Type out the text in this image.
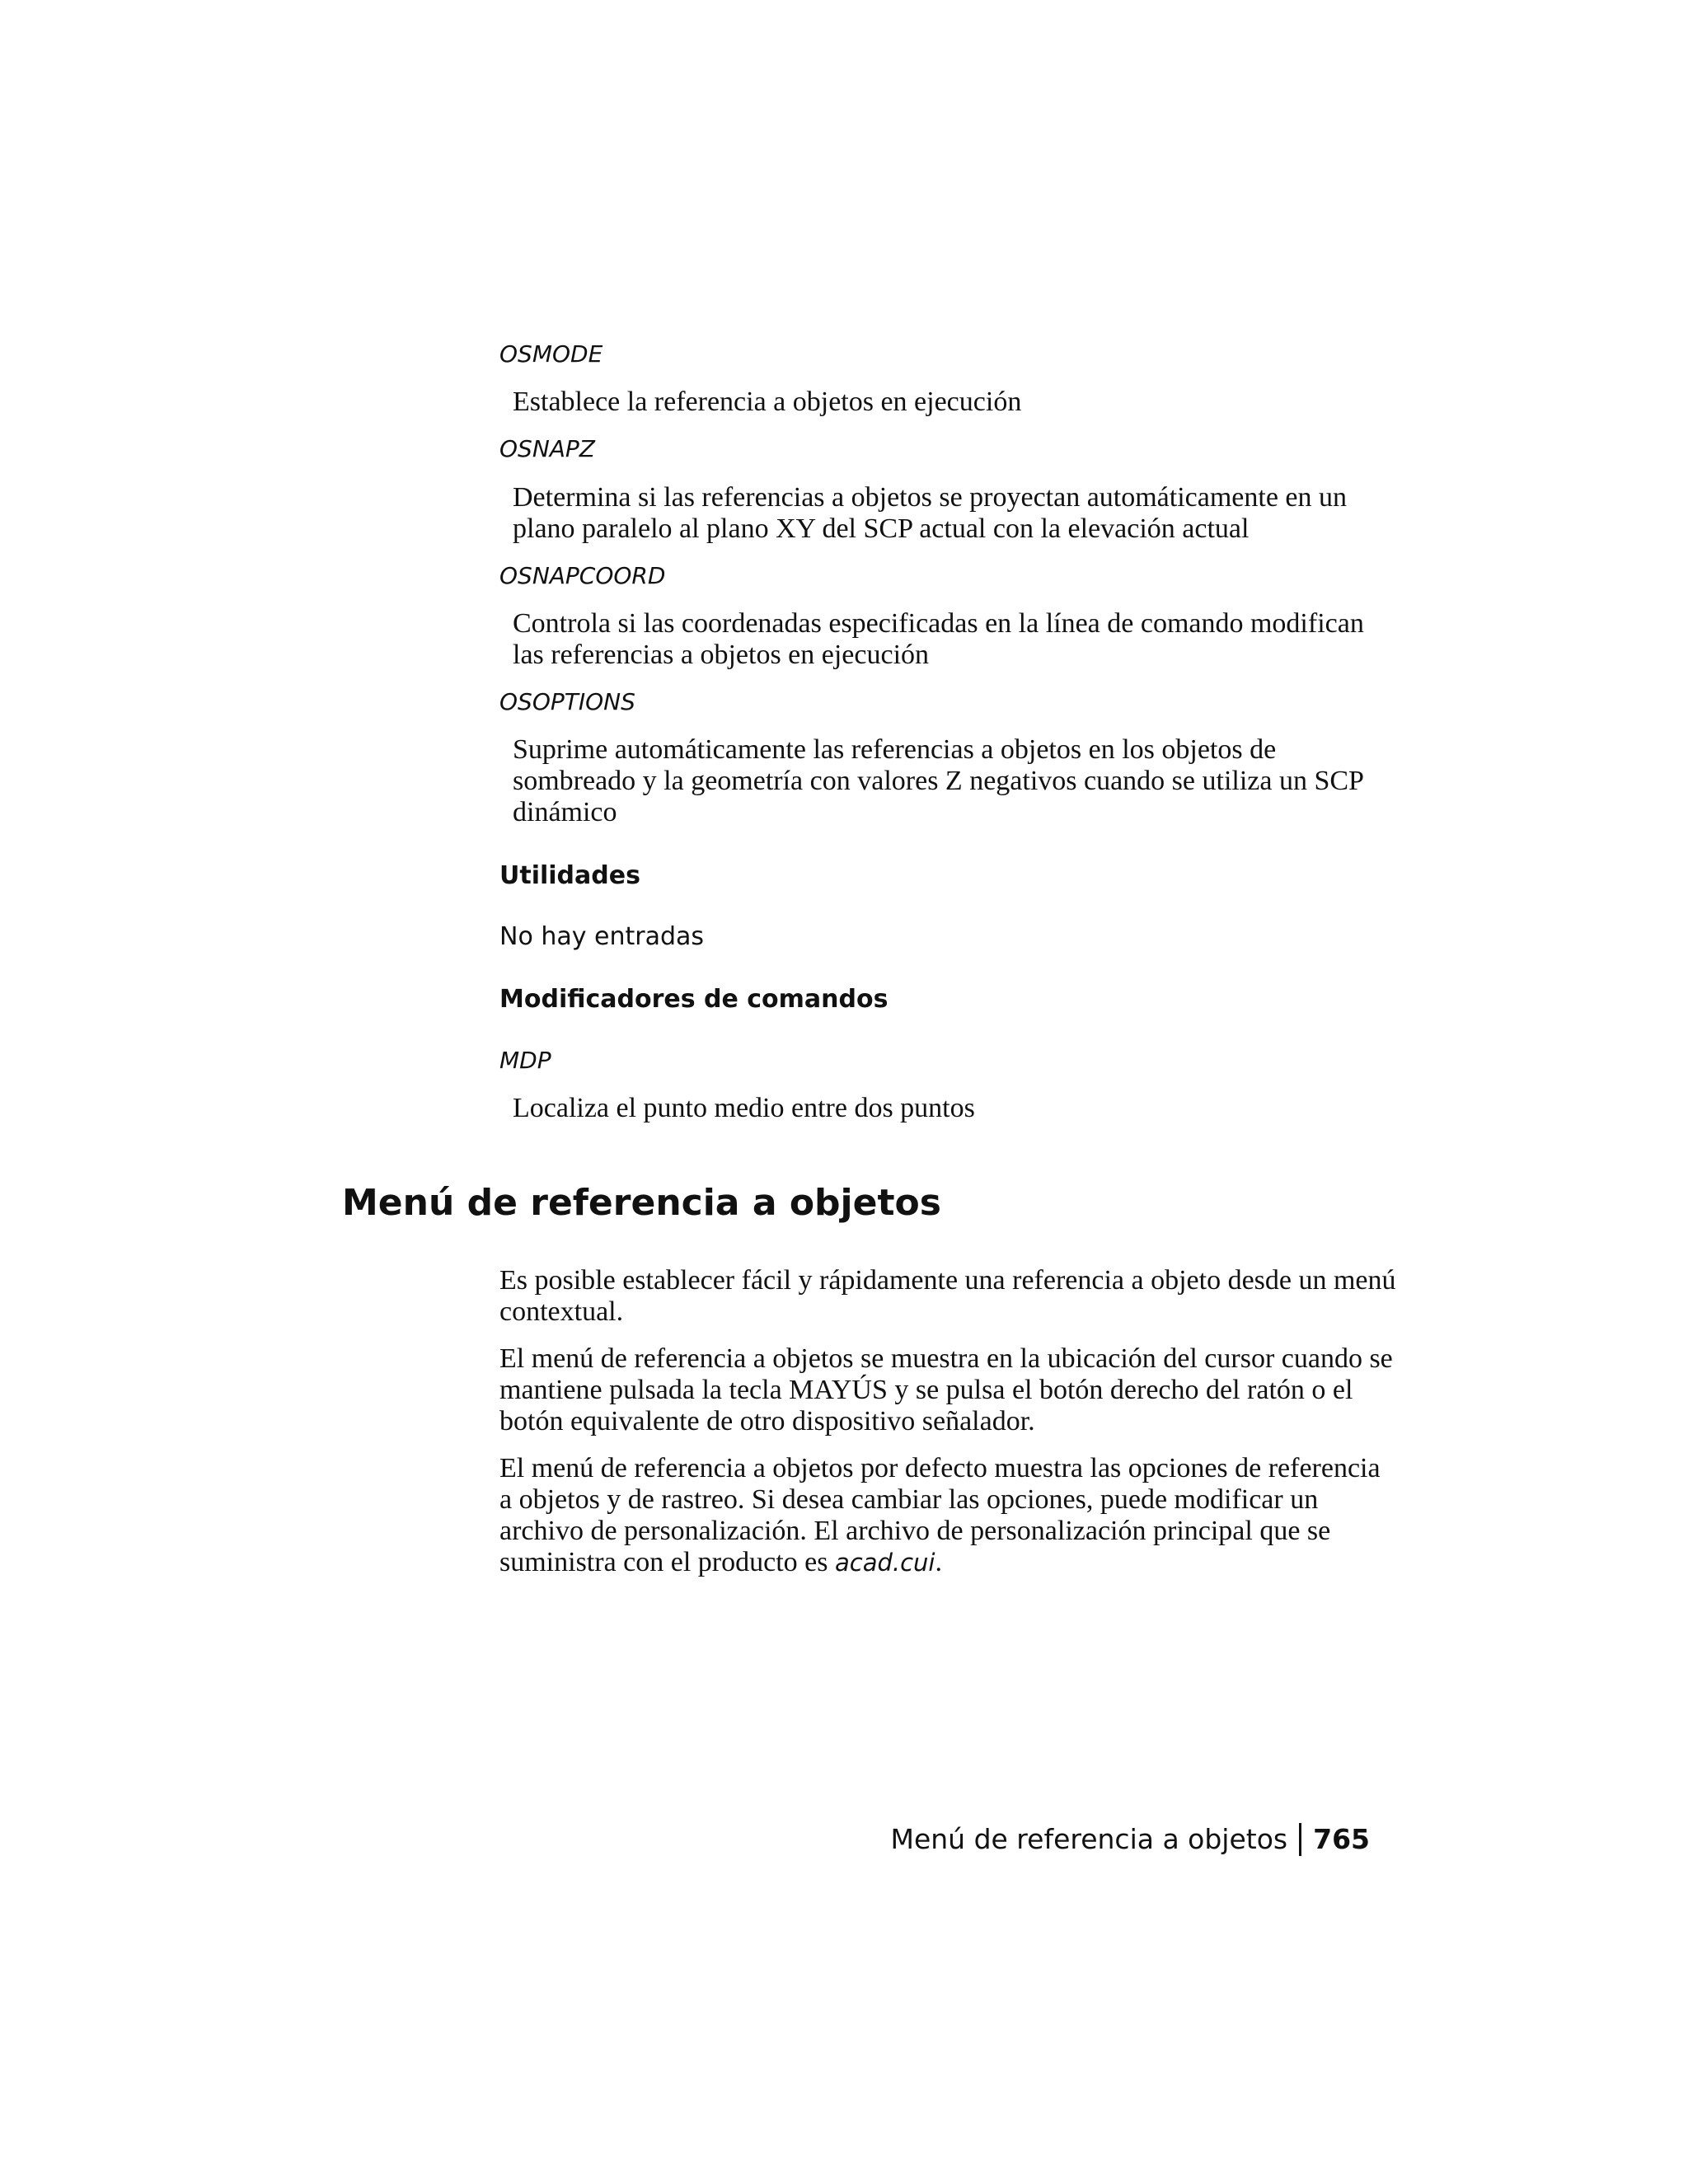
OSMODE
Establece la referencia a objetos en ejecución
OSNAPZ
Determina si las referencias a objetos se proyectan automáticamente en un plano paralelo al plano XY del SCP actual con la elevación actual
OSNAPCOORD
Controla si las coordenadas especificadas en la línea de comando modifican las referencias a objetos en ejecución
OSOPTIONS
Suprime automáticamente las referencias a objetos en los objetos de sombreado y la geometría con valores Z negativos cuando se utiliza un SCP dinámico
Utilidades
No hay entradas
Modificadores de comandos
MDP
Localiza el punto medio entre dos puntos
Menú de referencia a objetos
Es posible establecer fácil y rápidamente una referencia a objeto desde un menú contextual.
El menú de referencia a objetos se muestra en la ubicación del cursor cuando se mantiene pulsada la tecla MAYÚS y se pulsa el botón derecho del ratón o el botón equivalente de otro dispositivo señalador.
El menú de referencia a objetos por defecto muestra las opciones de referencia a objetos y de rastreo. Si desea cambiar las opciones, puede modificar un archivo de personalización. El archivo de personalización principal que se suministra con el producto es acad.cui.
Menú de referencia a objetos 765
